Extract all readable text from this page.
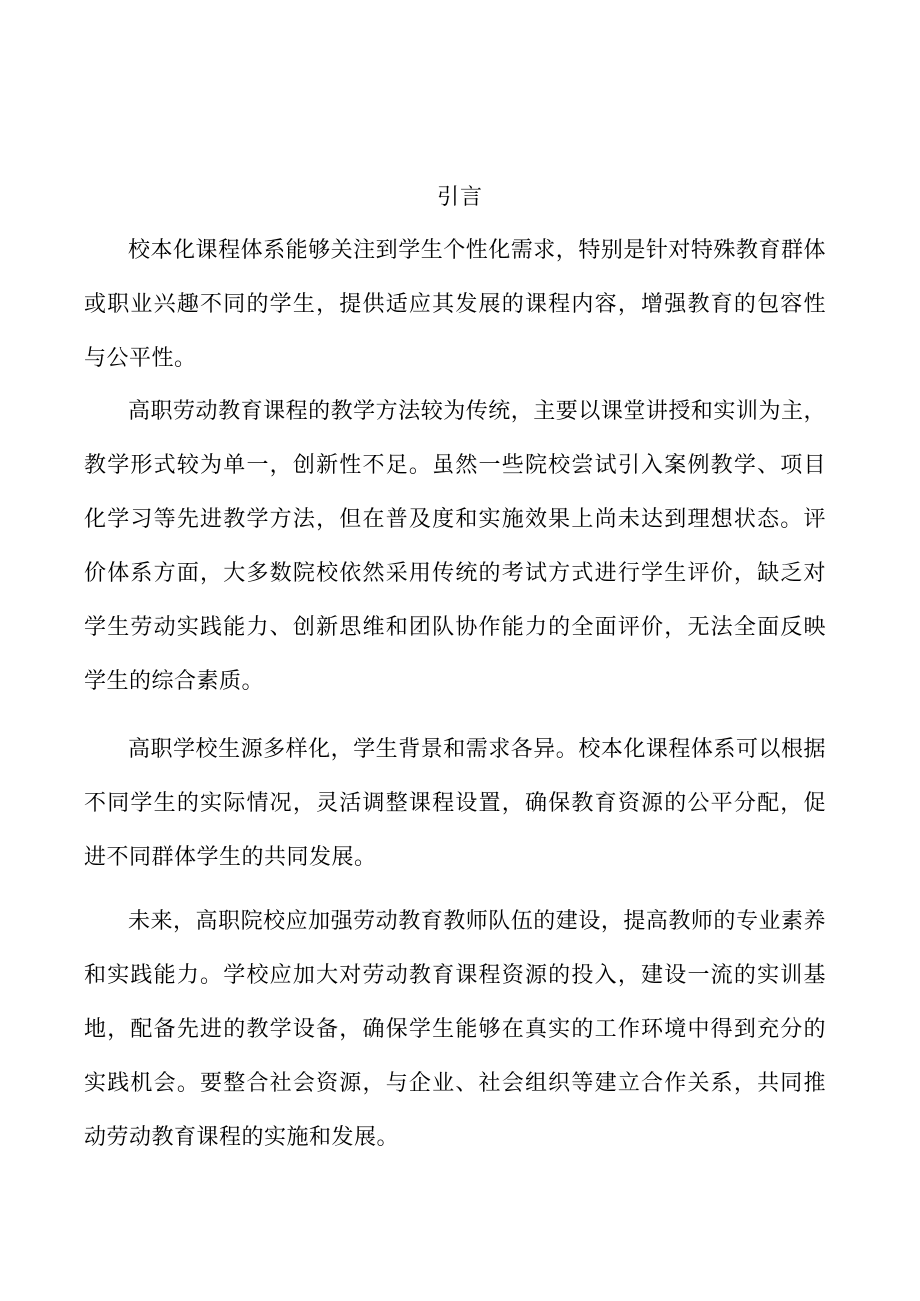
引言

校本化课程体系能够关注到学生个性化需求，特别是针对特殊教育群体或职业兴趣不同的学生，提供适应其发展的课程内容，增强教育的包容性与公平性。

高职劳动教育课程的教学方法较为传统，主要以课堂讲授和实训为主，教学形式较为单一，创新性不足。虽然一些院校尝试引入案例教学、项目化学习等先进教学方法，但在普及度和实施效果上尚未达到理想状态。评价体系方面，大多数院校依然采用传统的考试方式进行学生评价，缺乏对学生劳动实践能力、创新思维和团队协作能力的全面评价，无法全面反映学生的综合素质。

高职学校生源多样化，学生背景和需求各异。校本化课程体系可以根据不同学生的实际情况，灵活调整课程设置，确保教育资源的公平分配，促进不同群体学生的共同发展。

未来，高职院校应加强劳动教育教师队伍的建设，提高教师的专业素养和实践能力。学校应加大对劳动教育课程资源的投入，建设一流的实训基地，配备先进的教学设备，确保学生能够在真实的工作环境中得到充分的实践机会。要整合社会资源，与企业、社会组织等建立合作关系，共同推动劳动教育课程的实施和发展。
